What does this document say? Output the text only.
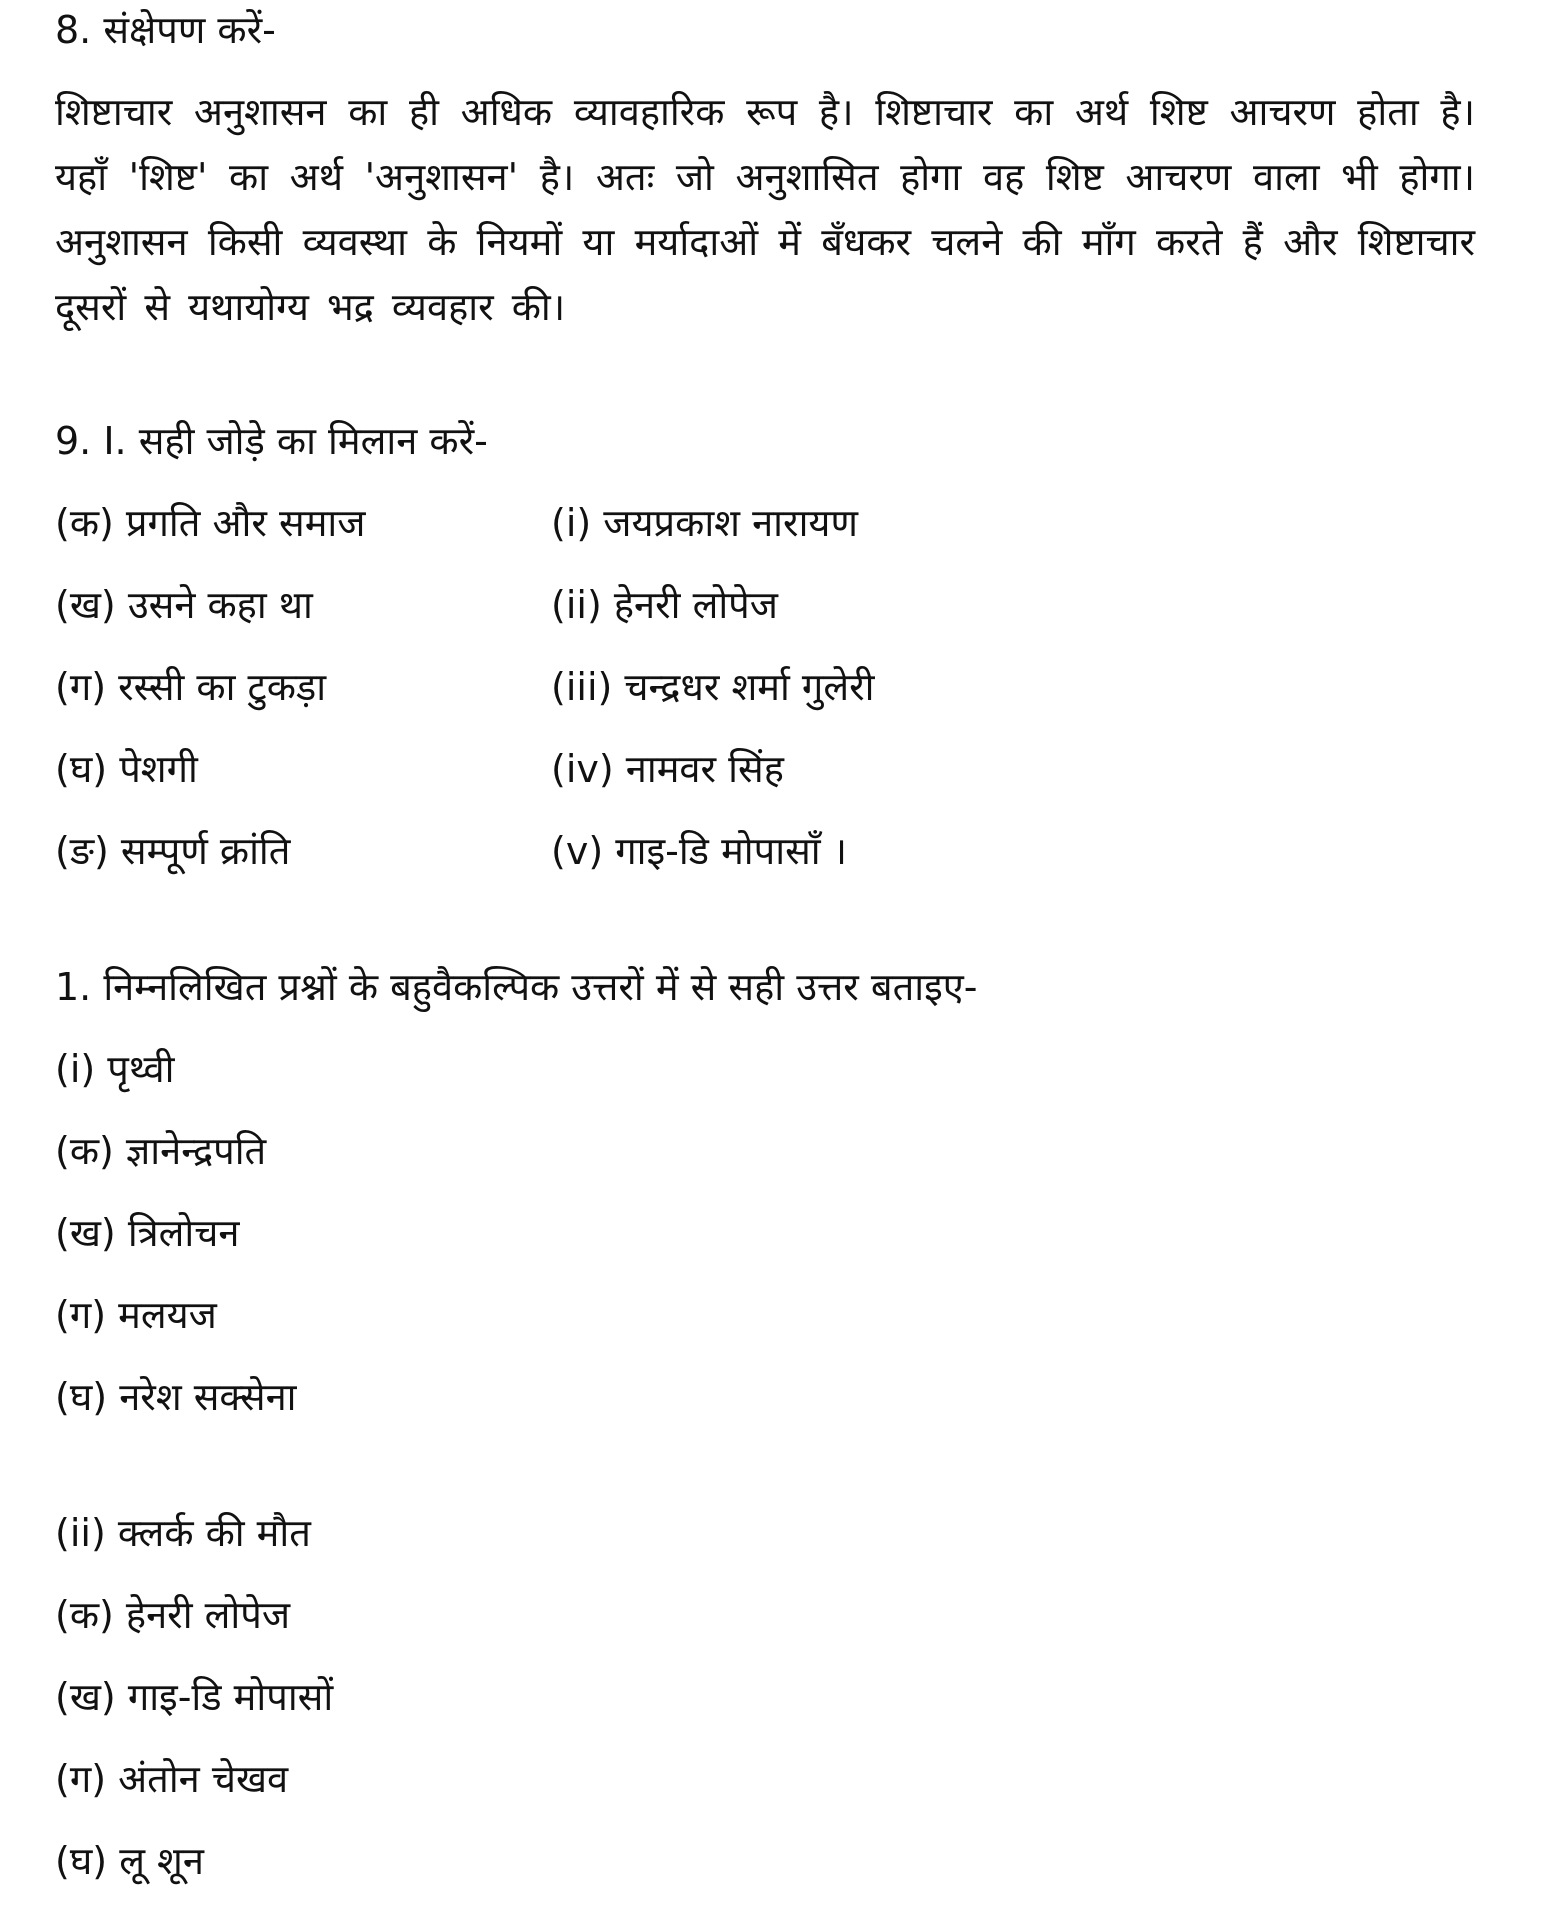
8. संक्षेपण करें-
शिष्टाचार अनुशासन का ही अधिक व्यावहारिक रूप है। शिष्टाचार का अर्थ शिष्ट आचरण होता है। यहाँ 'शिष्ट' का अर्थ 'अनुशासन' है। अतः जो अनुशासित होगा वह शिष्ट आचरण वाला भी होगा। अनुशासन किसी व्यवस्था के नियमों या मर्यादाओं में बँधकर चलने की माँग करते हैं और शिष्टाचार दूसरों से यथायोग्य भद्र व्यवहार की।
9. I. सही जोड़े का मिलान करें-
(क) प्रगति और समाज	(i) जयप्रकाश नारायण
(ख) उसने कहा था	(ii) हेनरी लोपेज
(ग) रस्सी का टुकड़ा	(iii) चन्द्रधर शर्मा गुलेरी
(घ) पेशगी	(iv) नामवर सिंह
(ङ) सम्पूर्ण क्रांति	(v) गाइ-डि मोपासाँ ।
1. निम्नलिखित प्रश्नों के बहुवैकल्पिक उत्तरों में से सही उत्तर बताइए-
(i) पृथ्वी
(क) ज्ञानेन्द्रपति
(ख) त्रिलोचन
(ग) मलयज
(घ) नरेश सक्सेना
(ii) क्लर्क की मौत
(क) हेनरी लोपेज
(ख) गाइ-डि मोपासों
(ग) अंतोन चेखव
(घ) लू शून
